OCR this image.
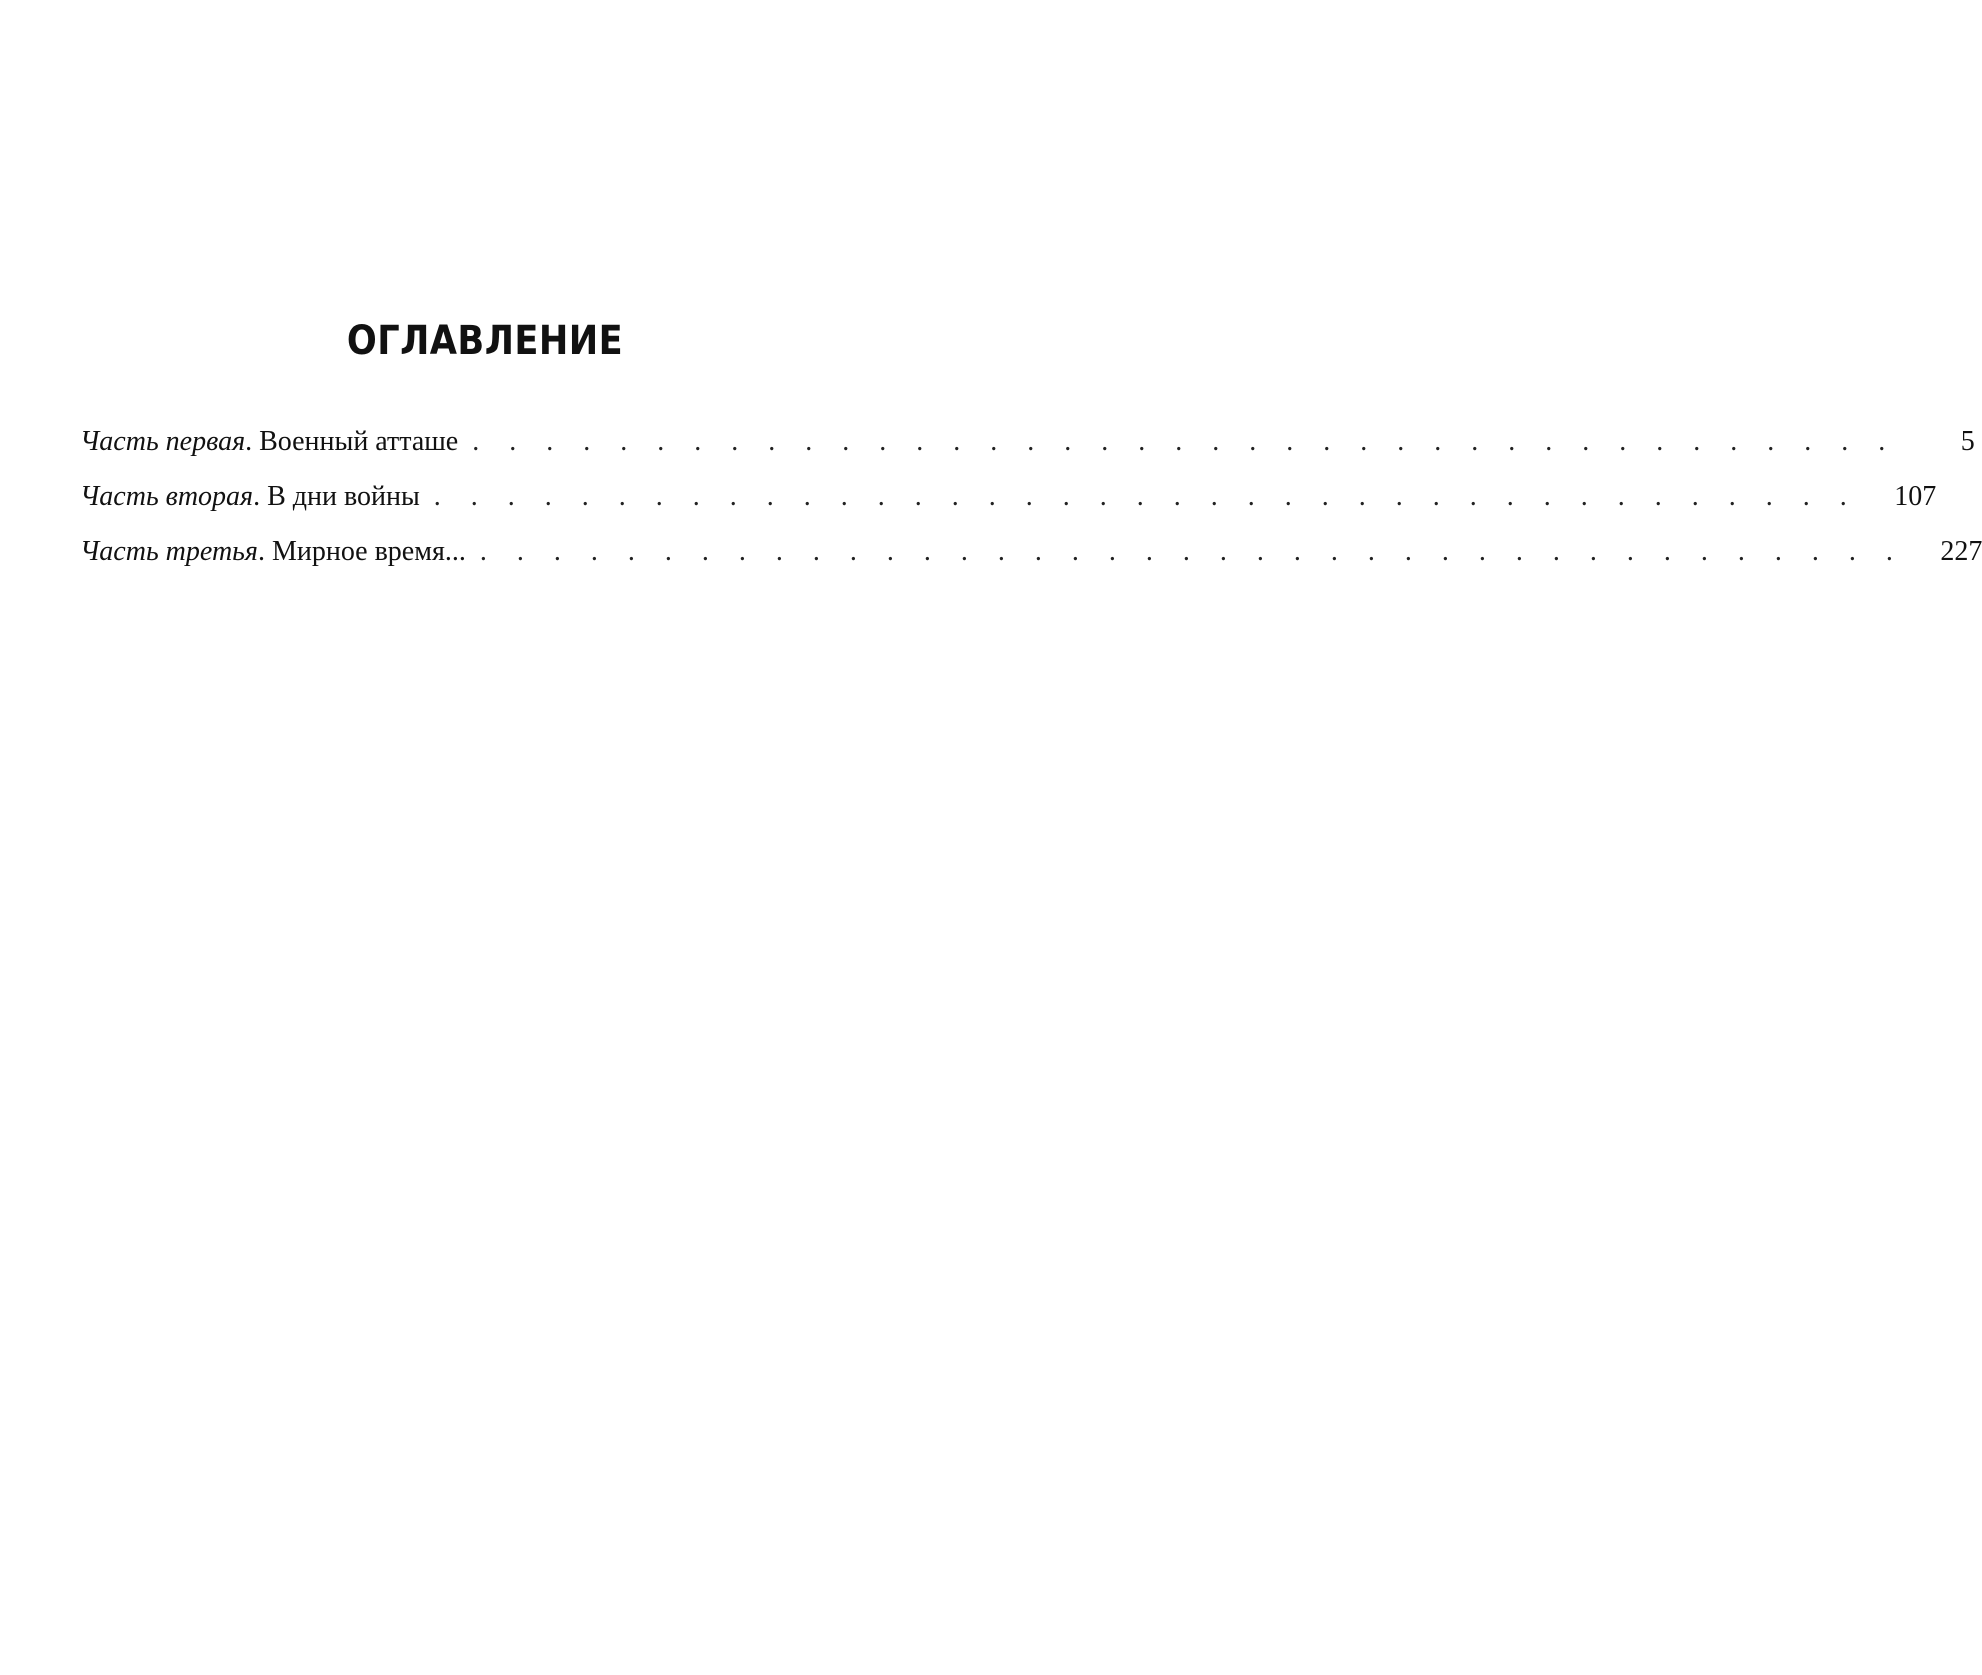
ОГЛАВЛЕНИЕ
Часть первая . Военный атташе . . . . . . . . . . . . . . . . . . . . . . . . . . . . . . . . . . . . . . .	5
Часть вторая . В дни войны . . . . . . . . . . . . . . . . . . . . . . . . . . . . . . . . . . . . . . . 107
Часть третья . Мирное время... . . . . . . . . . . . . . . . . . . . . . . . . . . . . . . . . . . . . . . . 227
